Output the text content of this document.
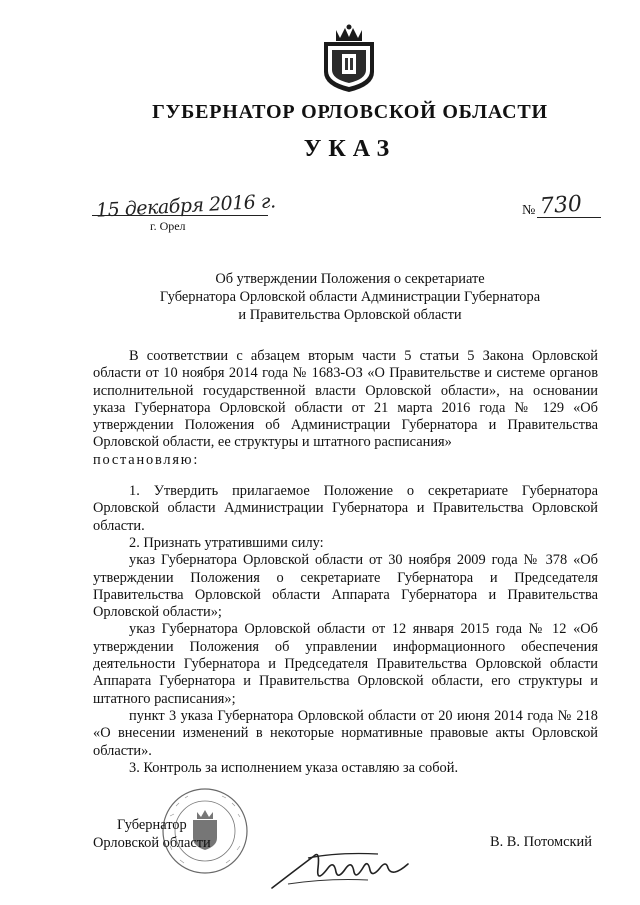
ГУБЕРНАТОР ОРЛОВСКОЙ ОБЛАСТИ
УКАЗ
15 декабря 2016 г.
г. Орел
№ 730
Об утверждении Положения о секретариате
Губернатора Орловской области Администрации Губернатора
и Правительства Орловской области

В соответствии с абзацем вторым части 5 статьи 5 Закона Орловской области от 10 ноября 2014 года № 1683-ОЗ «О Правительстве и системе органов исполнительной государственной власти Орловской области», на основании указа Губернатора Орловской области от 21 марта 2016 года № 129 «Об утверждении Положения об Администрации Губернатора и Правительства Орловской области, ее структуры и штатного расписания»

постановляю:

1. Утвердить прилагаемое Положение о секретариате Губернатора Орловской области Администрации Губернатора и Правительства Орловской области.

2. Признать утратившими силу:

указ Губернатора Орловской области от 30 ноября 2009 года № 378 «Об утверждении Положения о секретариате Губернатора и Председателя Правительства Орловской области Аппарата Губернатора и Правительства Орловской области»;

указ Губернатора Орловской области от 12 января 2015 года № 12 «Об утверждении Положения об управлении информационного обеспечения деятельности Губернатора и Председателя Правительства Орловской области Аппарата Губернатора и Правительства Орловской области, его структуры и штатного расписания»;

пункт 3 указа Губернатора Орловской области от 20 июня 2014 года № 218 «О внесении изменений в некоторые нормативные правовые акты Орловской области».

3. Контроль за исполнением указа оставляю за собой.

Губернатор
Орловской области	В. В. Потомский
